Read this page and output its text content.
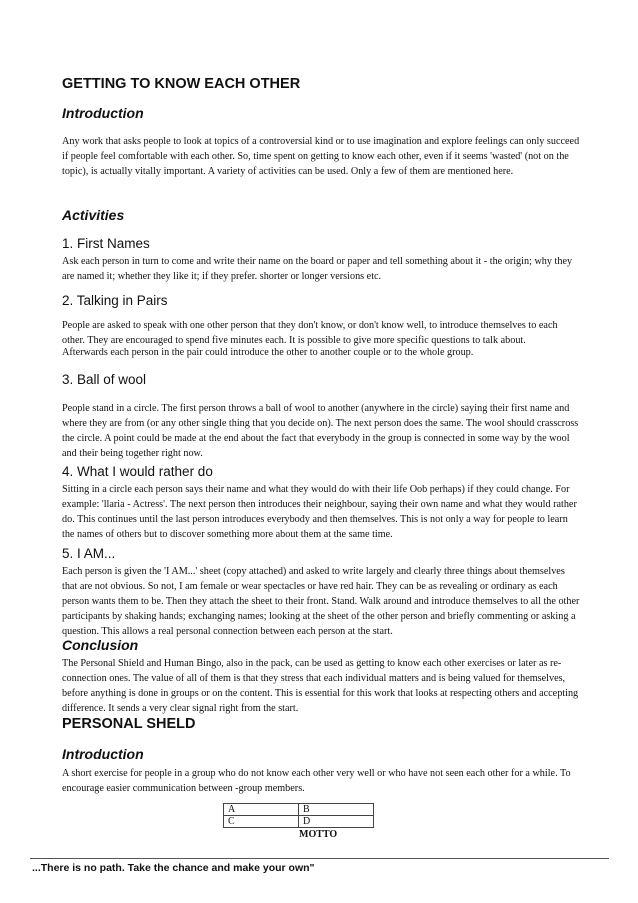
GETTING TO KNOW EACH OTHER
Introduction

Any work that asks people to look at topics of a controversial kind or to use imagination and explore feelings can only succeed if people feel comfortable with each other. So, time spent on getting to know each other, even if it seems 'wasted' (not on the topic), is actually vitally important. A variety of activities can be used. Only a few of them are mentioned here.

Activities
1. First Names

Ask each person in turn to come and write their name on the board or paper and tell something about it - the origin; why they are named it; whether they like it; if they prefer. shorter or longer versions etc.

2. Talking in Pairs

People are asked to speak with one other person that they don't know, or don't know well, to introduce themselves to each other. They are encouraged to spend five minutes each. It is possible to give more specific questions to talk about.

Afterwards each person in the pair could introduce the other to another couple or to the whole group.

3. Ball of wool

People stand in a circle. The first person throws a ball of wool to another (anywhere in the circle) saying their first name and where they are from (or any other single thing that you decide on). The next person does the same. The wool should crasscross the circle. A point could be made at the end about the fact that everybody in the group is connected in some way by the wool and their being together right now.

4. What I would rather do

Sitting in a circle each person says their name and what they would do with their life Oob perhaps) if they could change. For example: 'llaria - Actress'. The next person then introduces their neighbour, saying their own name and what they would rather do. This continues until the last person introduces everybody and then themselves. This is not only a way for people to learn the names of others but to discover something more about them at the same time.

5. I AM...

Each person is given the 'I AM...' sheet (copy attached) and asked to write largely and clearly three things about themselves that are not obvious. So not, I am female or wear spectacles or have red hair. They can be as revealing or ordinary as each person wants them to be. Then they attach the sheet to their front. Stand. Walk around and introduce themselves to all the other participants by shaking hands; exchanging names; looking at the sheet of the other person and briefly commenting or asking a question. This allows a real personal connection between each person at the start.

Conclusion

The Personal Shield and Human Bingo, also in the pack, can be used as getting to know each other exercises or later as re-connection ones. The value of all of them is that they stress that each individual matters and is being valued for themselves, before anything is done in groups or on the content. This is essential for this work that looks at respecting others and accepting difference. It sends a very clear signal right from the start.

PERSONAL SHELD
Introduction

A short exercise for people in a group who do not know each other very well or who have not seen each other for a while. To encourage easier communication between -group members.

A	B
C	D
MOTTO
...There is no path. Take the chance and make your own"
